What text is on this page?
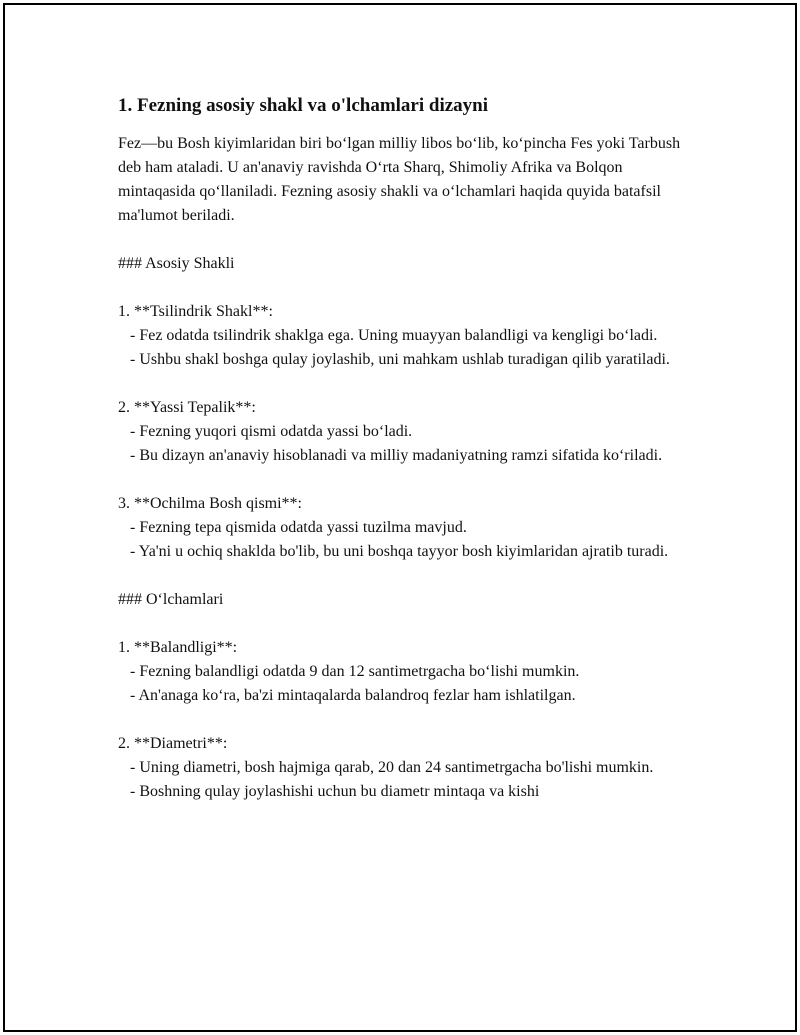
1. Fezning asosiy shakl va o'lchamlari dizayni

Fez—bu Bosh kiyimlaridan biri bo‘lgan milliy libos bo‘lib, ko‘pincha Fes yoki Tarbush deb ham ataladi. U an'anaviy ravishda O‘rta Sharq, Shimoliy Afrika va Bolqon mintaqasida qo‘llaniladi. Fezning asosiy shakli va o‘lchamlari haqida quyida batafsil ma'lumot beriladi.

### Asosiy Shakli

1. **Tsilindrik Shakl**:

- Fez odatda tsilindrik shaklga ega. Uning muayyan balandligi va kengligi bo‘ladi.

- Ushbu shakl boshga qulay joylashib, uni mahkam ushlab turadigan qilib yaratiladi.

2. **Yassi Tepalik**:

- Fezning yuqori qismi odatda yassi bo‘ladi.

- Bu dizayn an'anaviy hisoblanadi va milliy madaniyatning ramzi sifatida ko‘riladi.

3. **Ochilma Bosh qismi**:

- Fezning tepa qismida odatda yassi tuzilma mavjud.

- Ya'ni u ochiq shaklda bo'lib, bu uni boshqa tayyor bosh kiyimlaridan ajratib turadi.

### O‘lchamlari

1. **Balandligi**:

- Fezning balandligi odatda 9 dan 12 santimetrgacha bo‘lishi mumkin.

- An'anaga ko‘ra, ba'zi mintaqalarda balandroq fezlar ham ishlatilgan.

2. **Diametri**:

- Uning diametri, bosh hajmiga qarab, 20 dan 24 santimetrgacha bo'lishi mumkin.

- Boshning qulay joylashishi uchun bu diametr mintaqa va kishi
